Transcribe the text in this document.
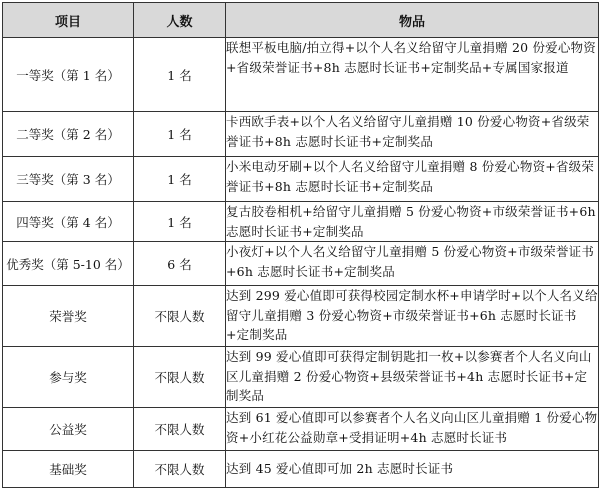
项目	人数	物品
一等奖（第 1 名）	1 名	联想平板电脑/拍立得+以个人名义给留守儿童捐赠 20 份爱心物资+省级荣誉证书+8h 志愿时长证书+定制奖品+专属国家报道
二等奖（第 2 名）	1 名	卡西欧手表+以个人名义给留守儿童捐赠 10 份爱心物资+省级荣誉证书+8h 志愿时长证书+定制奖品
三等奖（第 3 名）	1 名	小米电动牙刷+以个人名义给留守儿童捐赠 8 份爱心物资+省级荣誉证书+8h 志愿时长证书+定制奖品
四等奖（第 4 名）	1 名	复古胶卷相机+给留守儿童捐赠 5 份爱心物资+市级荣誉证书+6h 志愿时长证书+定制奖品
优秀奖（第 5-10 名）	6 名	小夜灯+以个人名义给留守儿童捐赠 5 份爱心物资+市级荣誉证书+6h 志愿时长证书+定制奖品
荣誉奖	不限人数	达到 299 爱心值即可获得校园定制水杯+申请学时+以个人名义给留守儿童捐赠 3 份爱心物资+市级荣誉证书+6h 志愿时长证书+定制奖品
参与奖	不限人数	达到 99 爱心值即可获得定制钥匙扣一枚+以参赛者个人名义向山区儿童捐赠 2 份爱心物资+县级荣誉证书+4h 志愿时长证书+定制奖品
公益奖	不限人数	达到 61 爱心值即可以参赛者个人名义向山区儿童捐赠 1 份爱心物资+小红花公益勋章+受捐证明+4h 志愿时长证书
基础奖	不限人数	达到 45 爱心值即可加 2h 志愿时长证书
